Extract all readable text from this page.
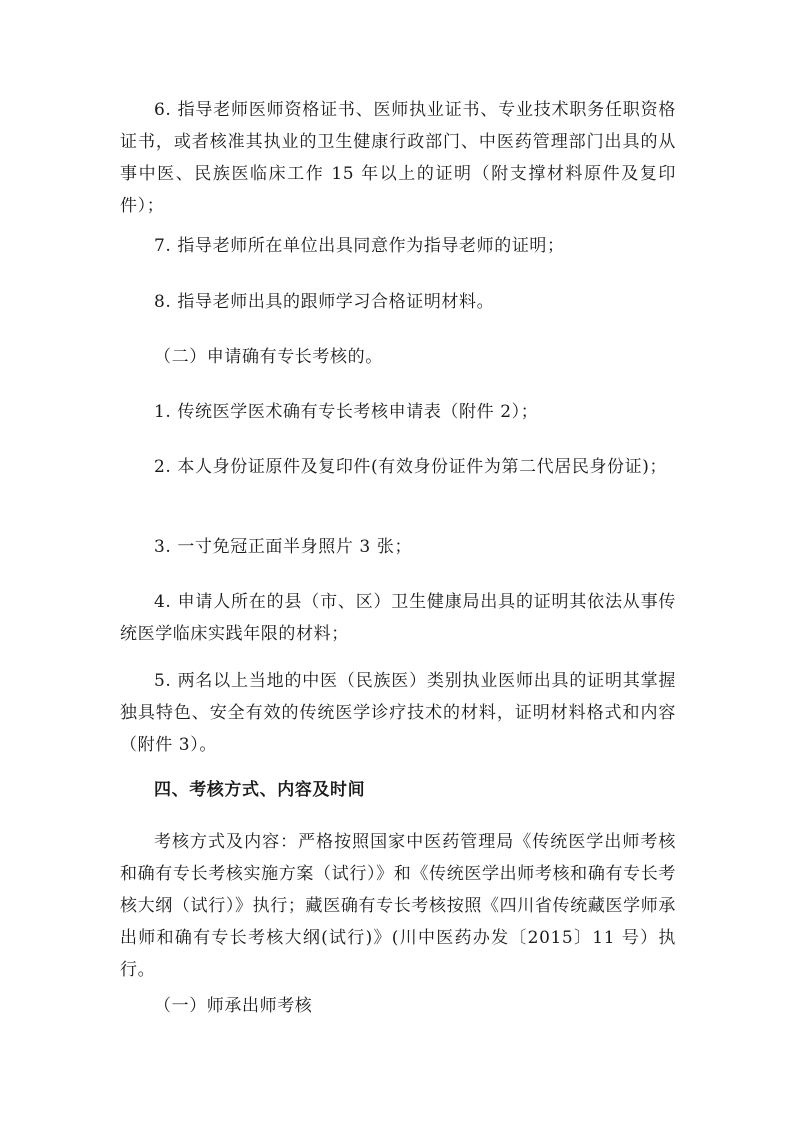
6. 指导老师医师资格证书、医师执业证书、专业技术职务任职资格证书，或者核准其执业的卫生健康行政部门、中医药管理部门出具的从事中医、民族医临床工作 15 年以上的证明（附支撑材料原件及复印件）；

7. 指导老师所在单位出具同意作为指导老师的证明；

8. 指导老师出具的跟师学习合格证明材料。

（二）申请确有专长考核的。

1. 传统医学医术确有专长考核申请表（附件 2）；

2. 本人身份证原件及复印件(有效身份证件为第二代居民身份证)；

3. 一寸免冠正面半身照片 3 张；

4. 申请人所在的县（市、区）卫生健康局出具的证明其依法从事传统医学临床实践年限的材料；

5. 两名以上当地的中医（民族医）类别执业医师出具的证明其掌握独具特色、安全有效的传统医学诊疗技术的材料，证明材料格式和内容（附件 3）。

四、考核方式、内容及时间

考核方式及内容：严格按照国家中医药管理局《传统医学出师考核和确有专长考核实施方案（试行）》和《传统医学出师考核和确有专长考核大纲（试行）》执行；藏医确有专长考核按照《四川省传统藏医学师承出师和确有专长考核大纲(试行)》(川中医药办发〔2015〕11 号）执行。

（一）师承出师考核
